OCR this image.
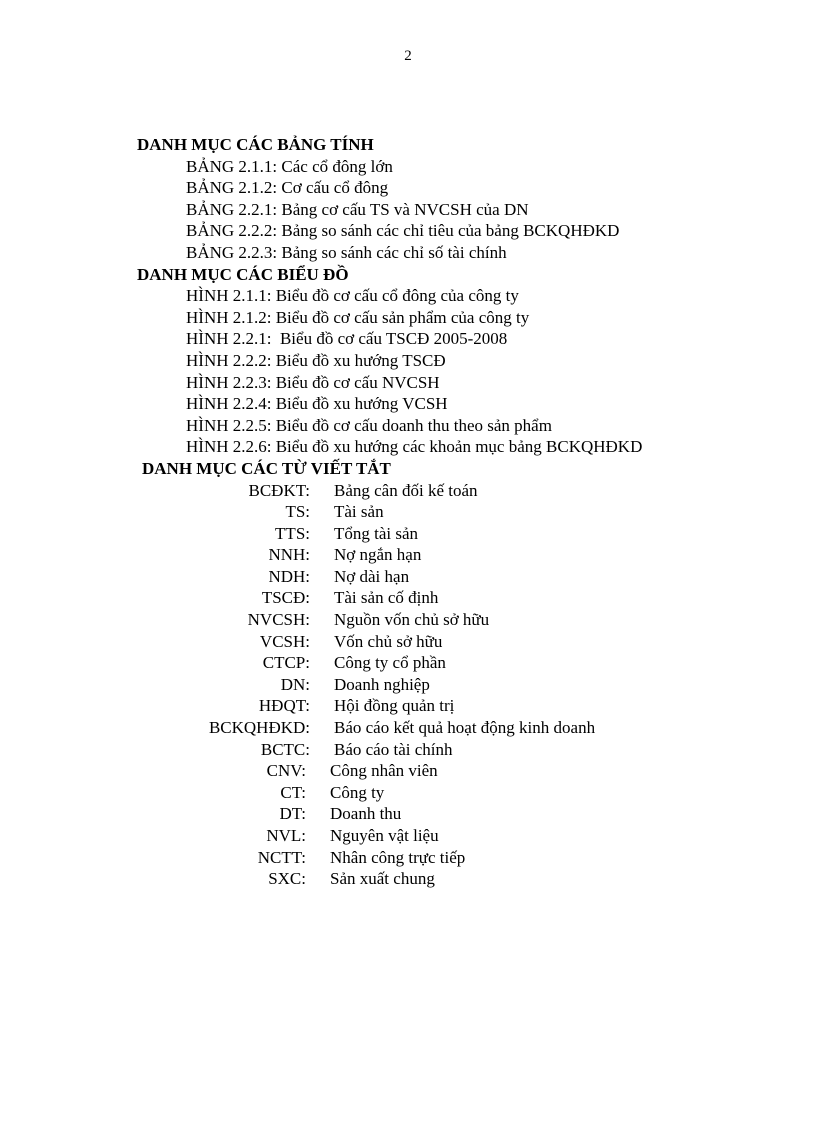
2
DANH MỤC CÁC BẢNG TÍNH
BẢNG 2.1.1: Các cổ đông lớn
BẢNG 2.1.2: Cơ cấu cổ đông
BẢNG 2.2.1: Bảng cơ cấu TS và NVCSH của DN
BẢNG 2.2.2: Bảng so sánh các chỉ tiêu của bảng BCKQHĐKD
BẢNG 2.2.3: Bảng so sánh các chỉ số tài chính
DANH MỤC CÁC BIỂU ĐỒ
HÌNH 2.1.1: Biểu đồ cơ cấu cổ đông của công ty
HÌNH 2.1.2: Biểu đồ cơ cấu sản phẩm của công ty
HÌNH 2.2.1:  Biểu đồ cơ cấu TSCĐ 2005-2008
HÌNH 2.2.2: Biểu đồ xu hướng TSCĐ
HÌNH 2.2.3: Biểu đồ cơ cấu NVCSH
HÌNH 2.2.4: Biểu đồ xu hướng VCSH
HÌNH 2.2.5: Biểu đồ cơ cấu doanh thu theo sản phẩm
HÌNH 2.2.6: Biểu đồ xu hướng các khoản mục bảng BCKQHĐKD
DANH MỤC CÁC TỪ VIẾT TẮT
BCĐKT: Bảng cân đối kế toán
TS: Tài sản
TTS: Tổng tài sản
NNH: Nợ ngắn hạn
NDH: Nợ dài hạn
TSCĐ: Tài sản cố định
NVCSH: Nguồn vốn chủ sở hữu
VCSH: Vốn chủ sở hữu
CTCP: Công ty cổ phần
DN: Doanh nghiệp
HĐQT: Hội đồng quản trị
BCKQHĐKD: Báo cáo kết quả hoạt động kinh doanh
BCTC: Báo cáo tài chính
CNV: Công nhân viên
CT: Công ty
DT: Doanh thu
NVL: Nguyên vật liệu
NCTT: Nhân công trực tiếp
SXC: Sản xuất chung
